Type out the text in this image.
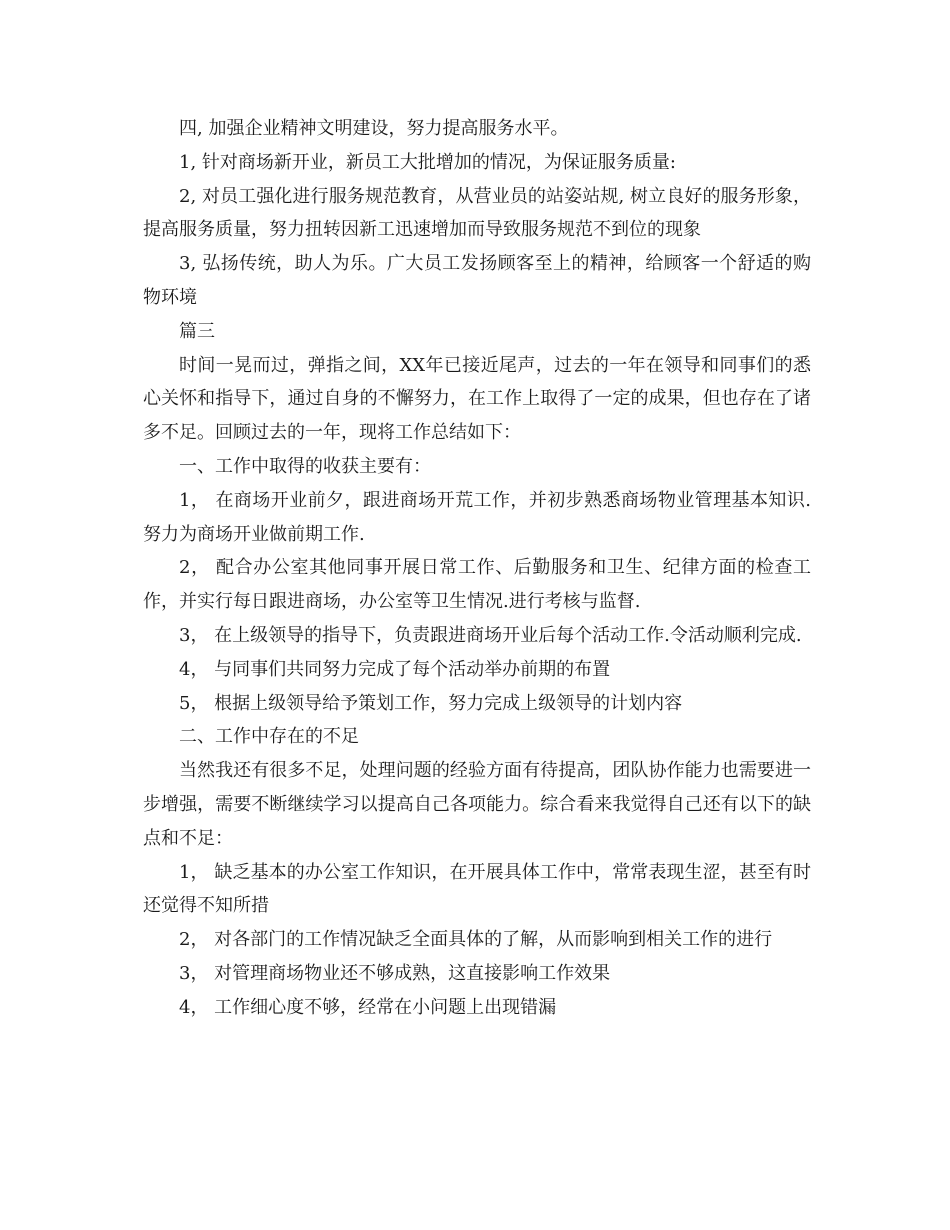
四, 加强企业精神文明建设，努力提高服务水平。

1, 针对商场新开业，新员工大批增加的情况，为保证服务质量:

2, 对员工强化进行服务规范教育，从营业员的站姿站规, 树立良好的服务形象，提高服务质量，努力扭转因新工迅速增加而导致服务规范不到位的现象

3, 弘扬传统，助人为乐。广大员工发扬顾客至上的精神，给顾客一个舒适的购物环境

篇三

时间一晃而过，弹指之间，XX年已接近尾声，过去的一年在领导和同事们的悉心关怀和指导下，通过自身的不懈努力，在工作上取得了一定的成果，但也存在了诸多不足。回顾过去的一年，现将工作总结如下：

一、工作中取得的收获主要有：

1， 在商场开业前夕，跟进商场开荒工作，并初步熟悉商场物业管理基本知识.努力为商场开业做前期工作.

2， 配合办公室其他同事开展日常工作、后勤服务和卫生、纪律方面的检查工作，并实行每日跟进商场，办公室等卫生情况.进行考核与监督.

3， 在上级领导的指导下，负责跟进商场开业后每个活动工作.令活动顺利完成.

4， 与同事们共同努力完成了每个活动举办前期的布置

5， 根据上级领导给予策划工作，努力完成上级领导的计划内容

二、工作中存在的不足

当然我还有很多不足，处理问题的经验方面有待提高，团队协作能力也需要进一步增强，需要不断继续学习以提高自己各项能力。综合看来我觉得自己还有以下的缺点和不足：

1， 缺乏基本的办公室工作知识，在开展具体工作中，常常表现生涩，甚至有时还觉得不知所措

2， 对各部门的工作情况缺乏全面具体的了解，从而影响到相关工作的进行

3， 对管理商场物业还不够成熟，这直接影响工作效果

4， 工作细心度不够，经常在小问题上出现错漏
